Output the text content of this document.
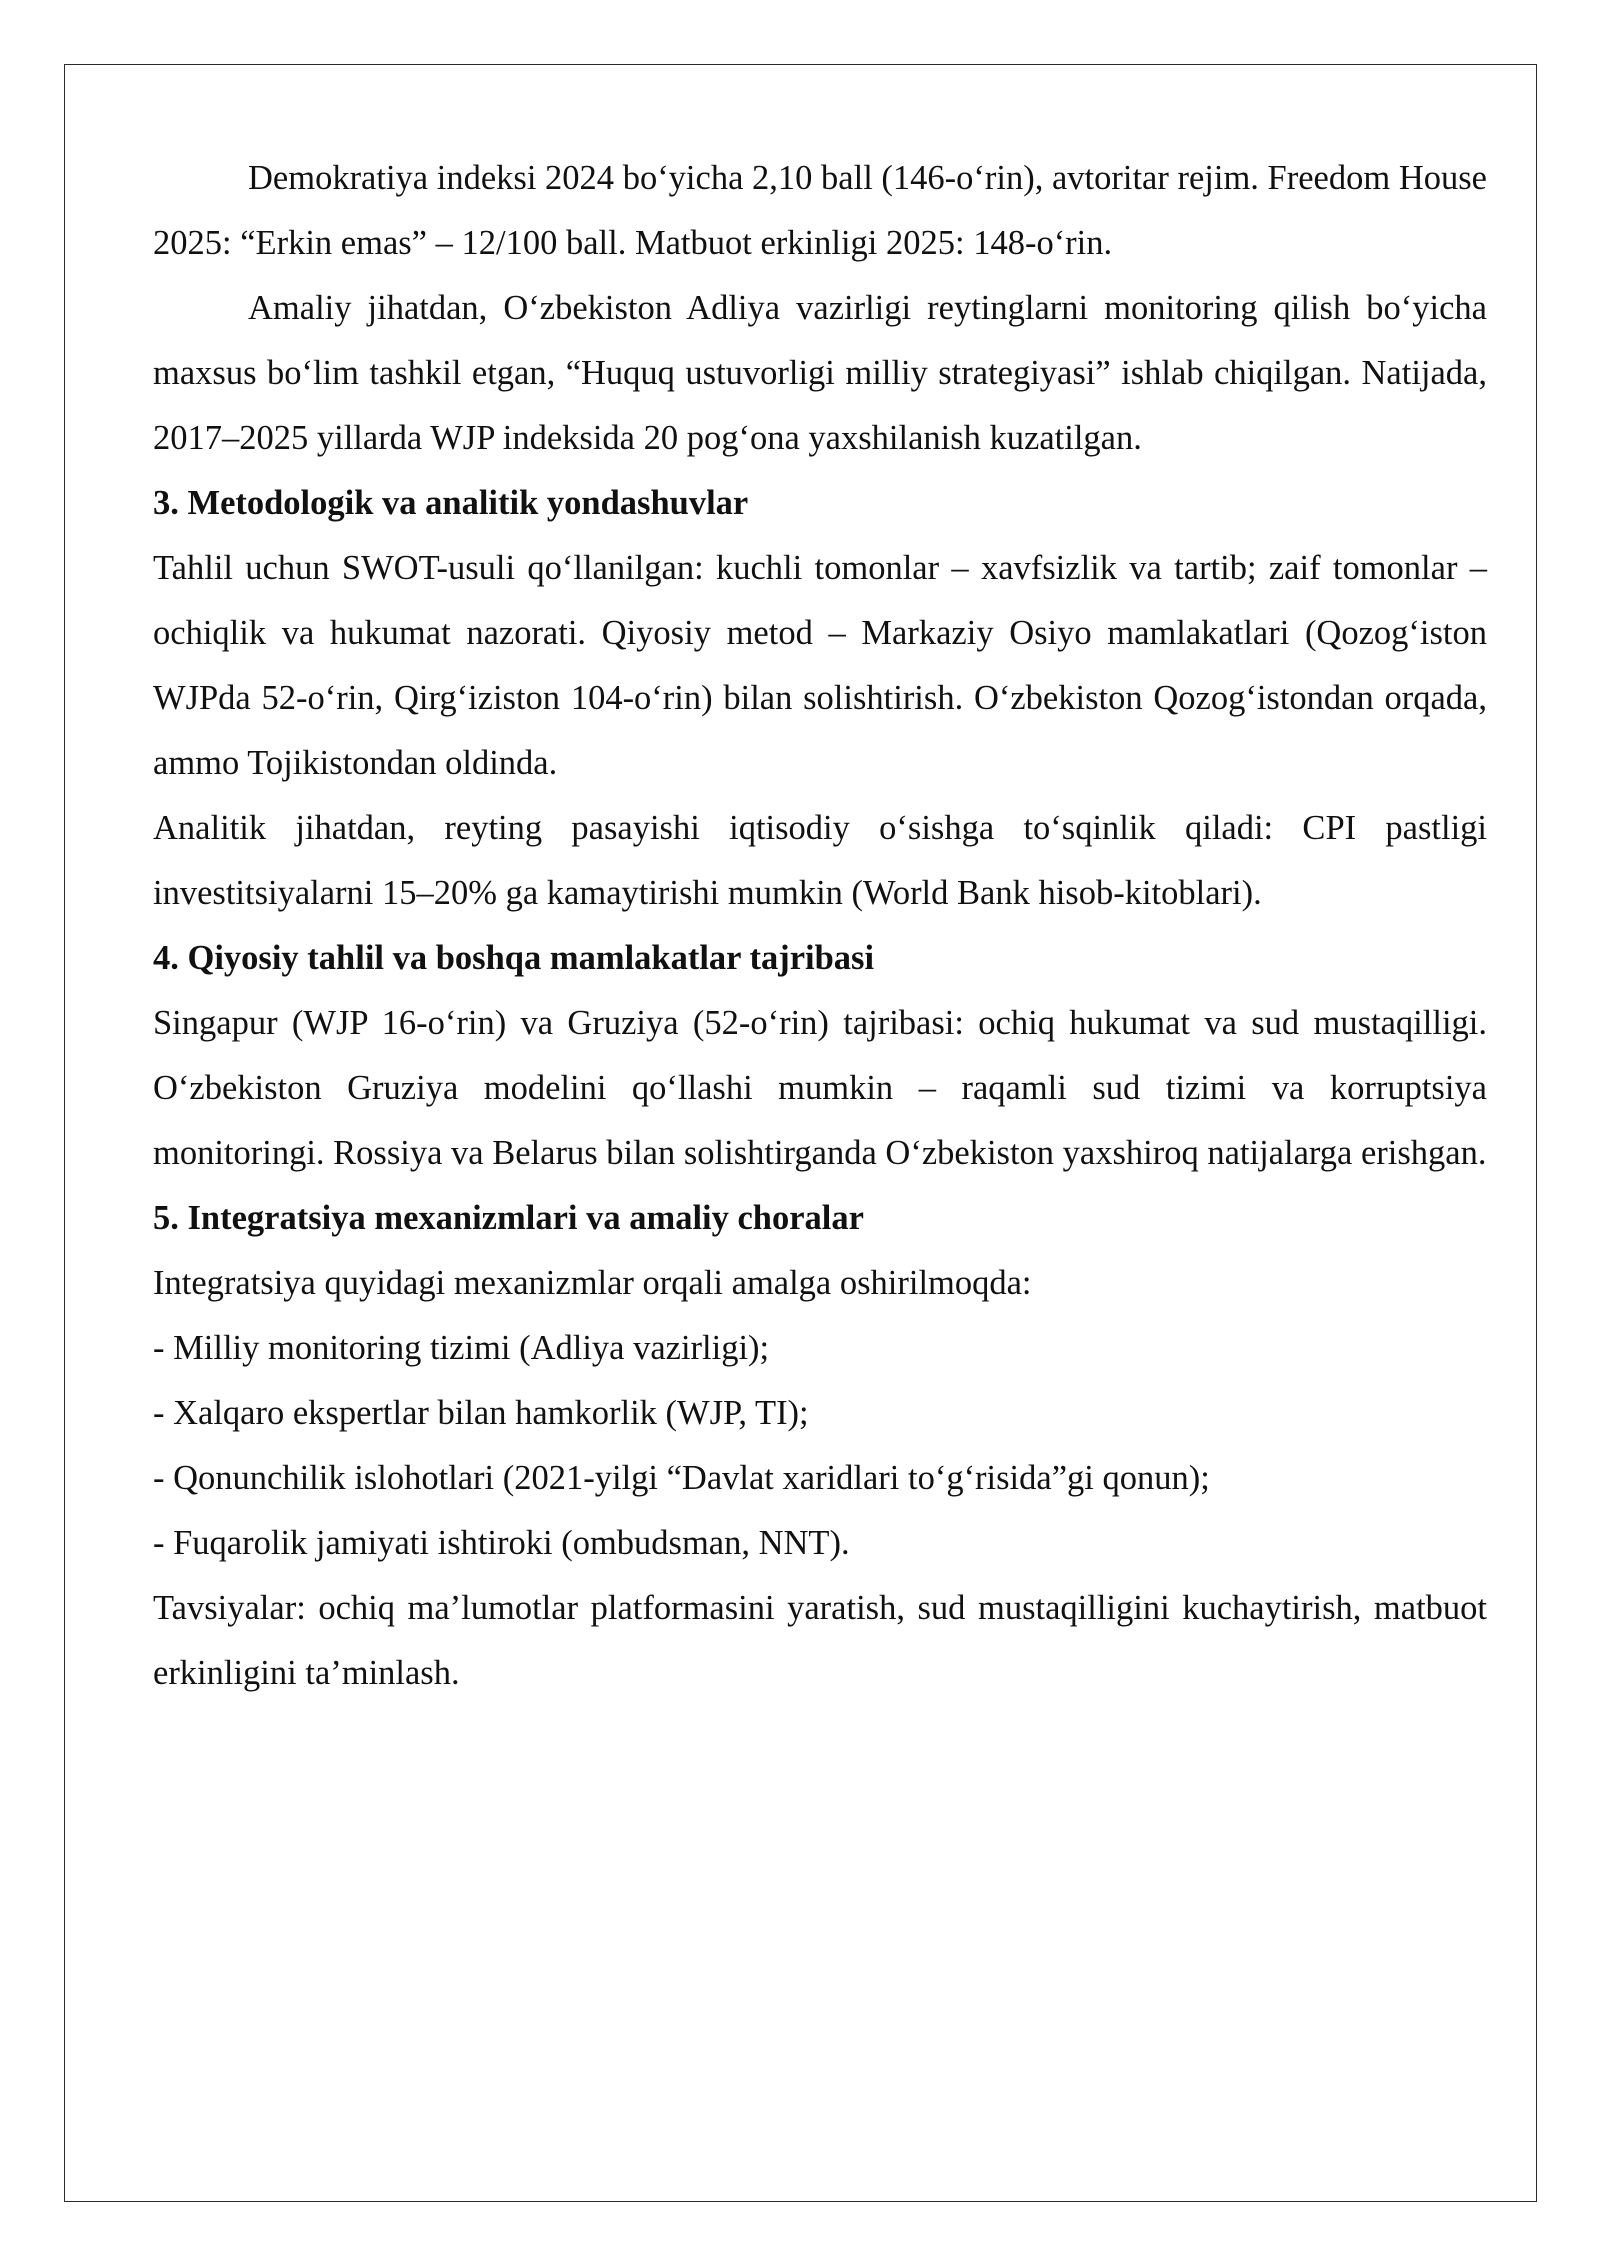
Demokratiya indeksi 2024 bo‘yicha 2,10 ball (146-o‘rin), avtoritar rejim. Freedom House 2025: “Erkin emas” – 12/100 ball. Matbuot erkinligi 2025: 148-o‘rin.

Amaliy jihatdan, O‘zbekiston Adliya vazirligi reytinglarni monitoring qilish bo‘yicha maxsus bo‘lim tashkil etgan, “Huquq ustuvorligi milliy strategiyasi” ishlab chiqilgan. Natijada, 2017–2025 yillarda WJP indeksida 20 pog‘ona yaxshilanish kuzatilgan.

3. Metodologik va analitik yondashuvlar

Tahlil uchun SWOT-usuli qo‘llanilgan: kuchli tomonlar – xavfsizlik va tartib; zaif tomonlar – ochiqlik va hukumat nazorati. Qiyosiy metod – Markaziy Osiyo mamlakatlari (Qozog‘iston WJPda 52-o‘rin, Qirg‘iziston 104-o‘rin) bilan solishtirish. O‘zbekiston Qozog‘istondan orqada, ammo Tojikistondan oldinda.

Analitik jihatdan, reyting pasayishi iqtisodiy o‘sishga to‘sqinlik qiladi: CPI pastligi investitsiyalarni 15–20% ga kamaytirishi mumkin (World Bank hisob-kitoblari).

4. Qiyosiy tahlil va boshqa mamlakatlar tajribasi

Singapur (WJP 16-o‘rin) va Gruziya (52-o‘rin) tajribasi: ochiq hukumat va sud mustaqilligi. O‘zbekiston Gruziya modelini qo‘llashi mumkin – raqamli sud tizimi va korruptsiya monitoringi. Rossiya va Belarus bilan solishtirganda O‘zbekiston yaxshiroq natijalarga erishgan.

5. Integratsiya mexanizmlari va amaliy choralar

Integratsiya quyidagi mexanizmlar orqali amalga oshirilmoqda:

- Milliy monitoring tizimi (Adliya vazirligi);

- Xalqaro ekspertlar bilan hamkorlik (WJP, TI);

- Qonunchilik islohotlari (2021-yilgi “Davlat xaridlari to‘g‘risida”gi qonun);

- Fuqarolik jamiyati ishtiroki (ombudsman, NNT).

Tavsiyalar: ochiq ma’lumotlar platformasini yaratish, sud mustaqilligini kuchaytirish, matbuot erkinligini ta’minlash.
